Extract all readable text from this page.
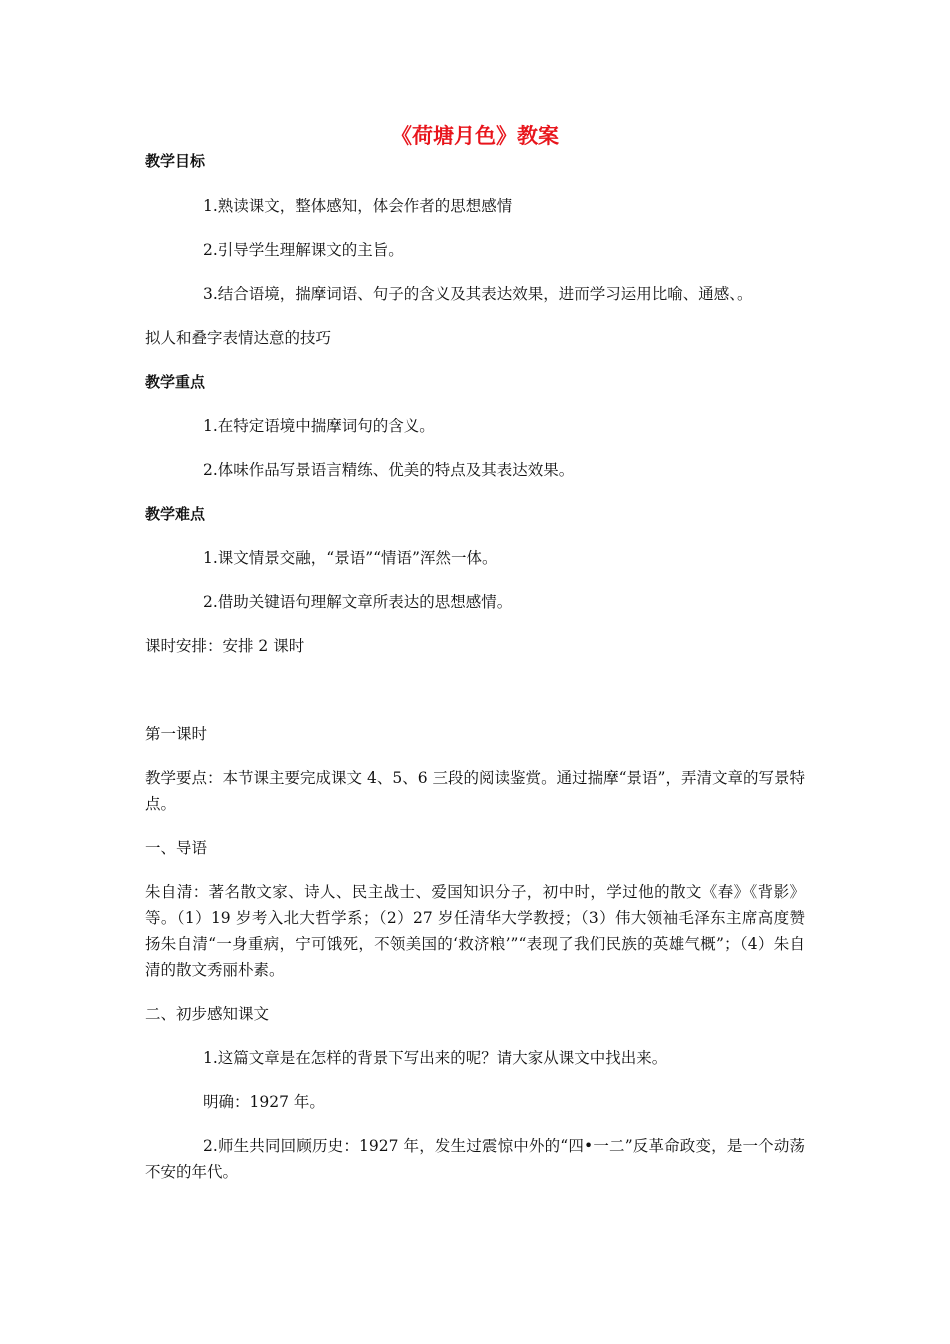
《荷塘月色》教案
教学目标
1.熟读课文，整体感知，体会作者的思想感情
2.引导学生理解课文的主旨。
3.结合语境，揣摩词语、句子的含义及其表达效果，进而学习运用比喻、通感、。
拟人和叠字表情达意的技巧
教学重点
1.在特定语境中揣摩词句的含义。
2.体味作品写景语言精练、优美的特点及其表达效果。
教学难点
1.课文情景交融，“景语”“情语”浑然一体。
2.借助关键语句理解文章所表达的思想感情。
课时安排：安排 2 课时
第一课时
教学要点：本节课主要完成课文 4、5、6 三段的阅读鉴赏。通过揣摩“景语”，弄清文章的写景特点。
一、导语
朱自清：著名散文家、诗人、民主战士、爱国知识分子，初中时，学过他的散文《春》《背影》等。（1）19 岁考入北大哲学系；（2）27 岁任清华大学教授；（3）伟大领袖毛泽东主席高度赞扬朱自清“一身重病，宁可饿死，不领美国的‘救济粮’”“表现了我们民族的英雄气概”；（4）朱自清的散文秀丽朴素。
二、初步感知课文
1.这篇文章是在怎样的背景下写出来的呢？请大家从课文中找出来。
明确：1927 年。
2.师生共同回顾历史：1927 年，发生过震惊中外的“四•一二”反革命政变，是一个动荡不安的年代。
